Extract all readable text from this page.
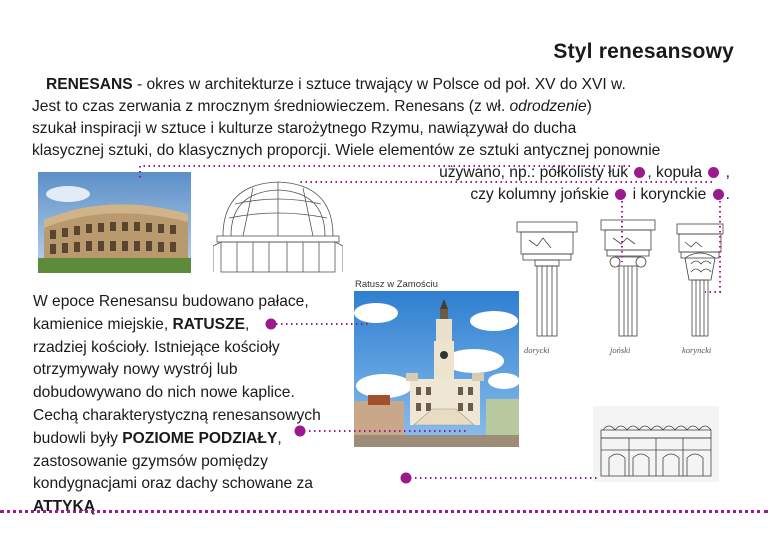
Styl renesansowy

RENESANS - okres w architekturze i sztuce trwający w Polsce od poł. XV do XVI w.

Jest to czas zerwania z mrocznym średniowieczem. Renesans (z wł. odrodzenie)

szukał inspiracji w sztuce i kulturze starożytnego Rzymu, nawiązywał do ducha

klasycznej sztuki, do klasycznych proporcji. Wiele elementów ze sztuki antycznej ponownie

używano, np.: półkolisty łuk , kopuła  ,

czy kolumny jońskie  i korynckie .

dorycki	joński	koryncki
Ratusz w Zamościu

W epoce Renesansu budowano pałace,

kamienice miejskie, RATUSZE,

rzadziej kościoły. Istniejące kościoły

otrzymywały nowy wystrój lub

dobudowywano do nich nowe kaplice.

Cechą charakterystyczną renesansowych

budowli były POZIOME PODZIAŁY,

zastosowanie gzymsów pomiędzy

kondygnacjami oraz dachy schowane za ATTYKĄ
